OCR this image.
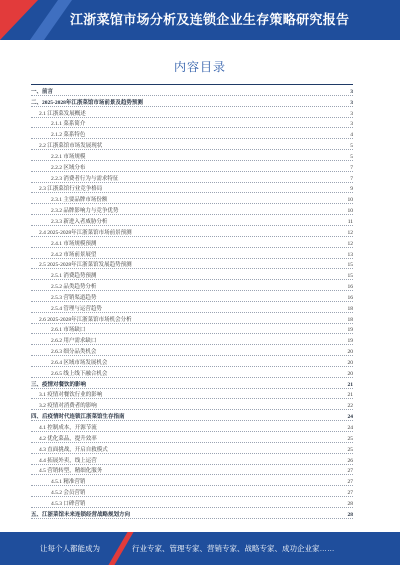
江浙菜馆市场分析及连锁企业生存策略研究报告
内容目录
一、前言	3
二、2025-2028年江浙菜馆市场前景及趋势预测	3
2.1 江浙菜发展概述	3
2.1.1 菜系简介	3
2.1.2 菜系特色	4
2.2 江浙菜馆市场发展现状	5
2.2.1 市场规模	5
2.2.2 区域分布	7
2.2.3 消费者行为与需求特征	7
2.3 江浙菜馆行业竞争格局	9
2.3.1 主要品牌市场份额	10
2.3.2 品牌影响力与竞争优势	10
2.3.3 新进入者威胁分析	11
2.4 2025-2028年江浙菜馆市场前景预测	12
2.4.1 市场规模预测	12
2.4.2 市场前景展望	13
2.5 2025-2028年江浙菜馆发展趋势预测	15
2.5.1 消费趋势预测	15
2.5.2 品类趋势分析	16
2.5.3 营销渠道趋势	16
2.5.4 管理与运营趋势	18
2.6 2025-2028年江浙菜馆市场机会分析	18
2.6.1 市场缺口	19
2.6.2 用户需求缺口	19
2.6.3 细分品类机会	20
2.6.4 区域市场发展机会	20
2.6.5 线上线下融合机会	20
三、疫情对餐饮的影响	21
3.1 疫情对餐饮行业的影响	21
3.2 疫情对消费者的影响	22
四、后疫情时代连锁江浙菜馆生存指南	24
4.1 控制成本，开源节流	24
4.2 优化菜品，提升效率	25
4.3 直面挑战，开启自救模式	25
4.4 拓展外卖，线上运营	26
4.5 营销转型，精细化服务	27
4.5.1 精准营销	27
4.5.2 会员营销	27
4.5.3 口碑营销	28
五、江浙菜馆未来连锁经营战略规划方向	28
让每个人都能成为	行业专家、管理专家、营销专家、战略专家、成功企业家……
